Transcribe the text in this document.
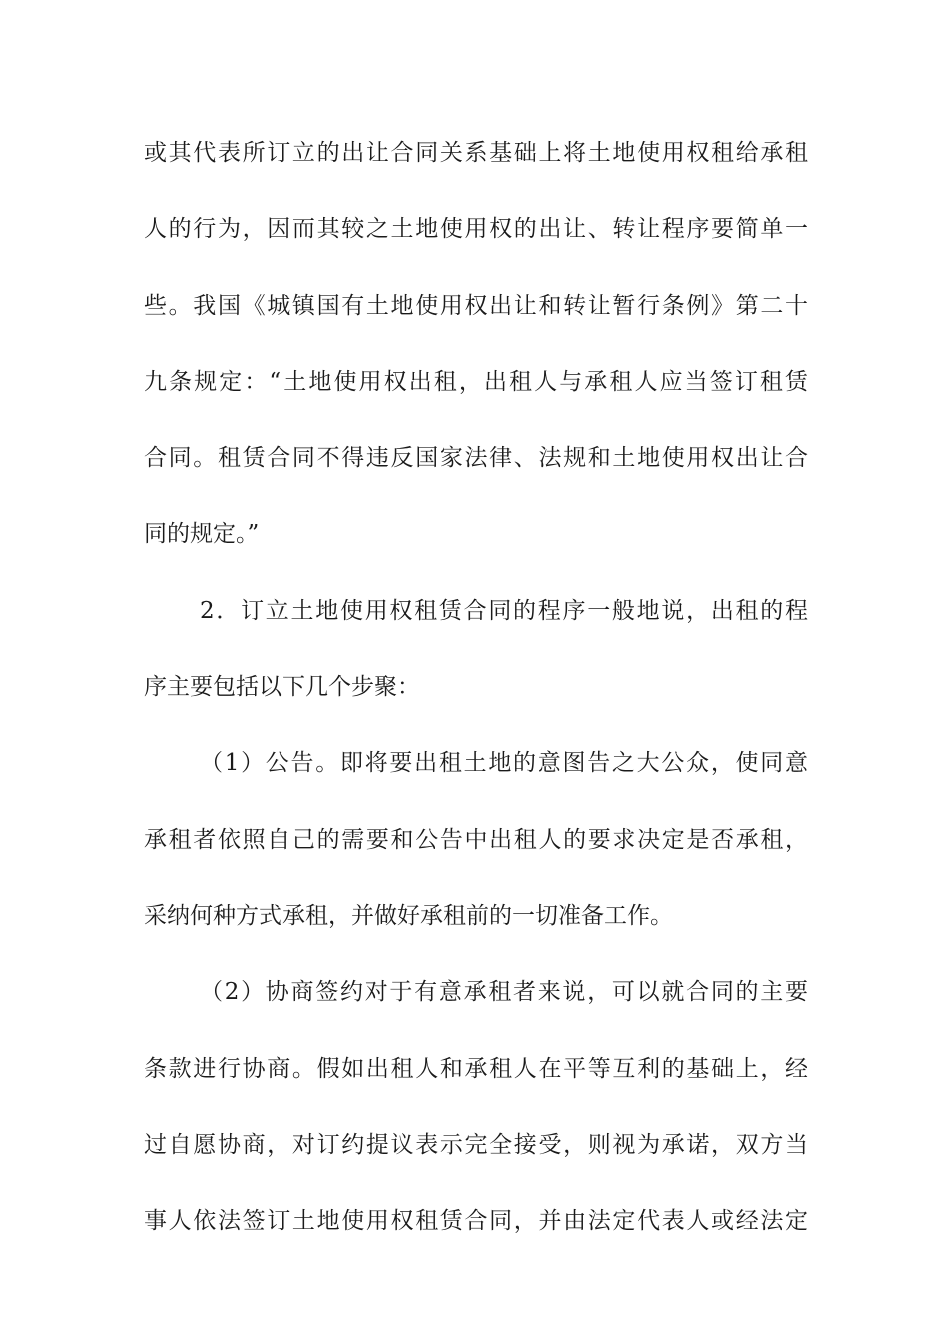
或其代表所订立的出让合同关系基础上将土地使用权租给承租
人的行为，因而其较之土地使用权的出让、转让程序要简单一
些。我国《城镇国有土地使用权出让和转让暂行条例》第二十
九条规定：“土地使用权出租，出租人与承租人应当签订租赁
合同。租赁合同不得违反国家法律、法规和土地使用权出让合
同的规定。”
2．订立土地使用权租赁合同的程序一般地说，出租的程
序主要包括以下几个步聚：
（1）公告。即将要出租土地的意图告之大公众，使同意
承租者依照自己的需要和公告中出租人的要求决定是否承租，
采纳何种方式承租，并做好承租前的一切准备工作。
（2）协商签约对于有意承租者来说，可以就合同的主要
条款进行协商。假如出租人和承租人在平等互利的基础上，经
过自愿协商，对订约提议表示完全接受，则视为承诺，双方当
事人依法签订土地使用权租赁合同，并由法定代表人或经法定
